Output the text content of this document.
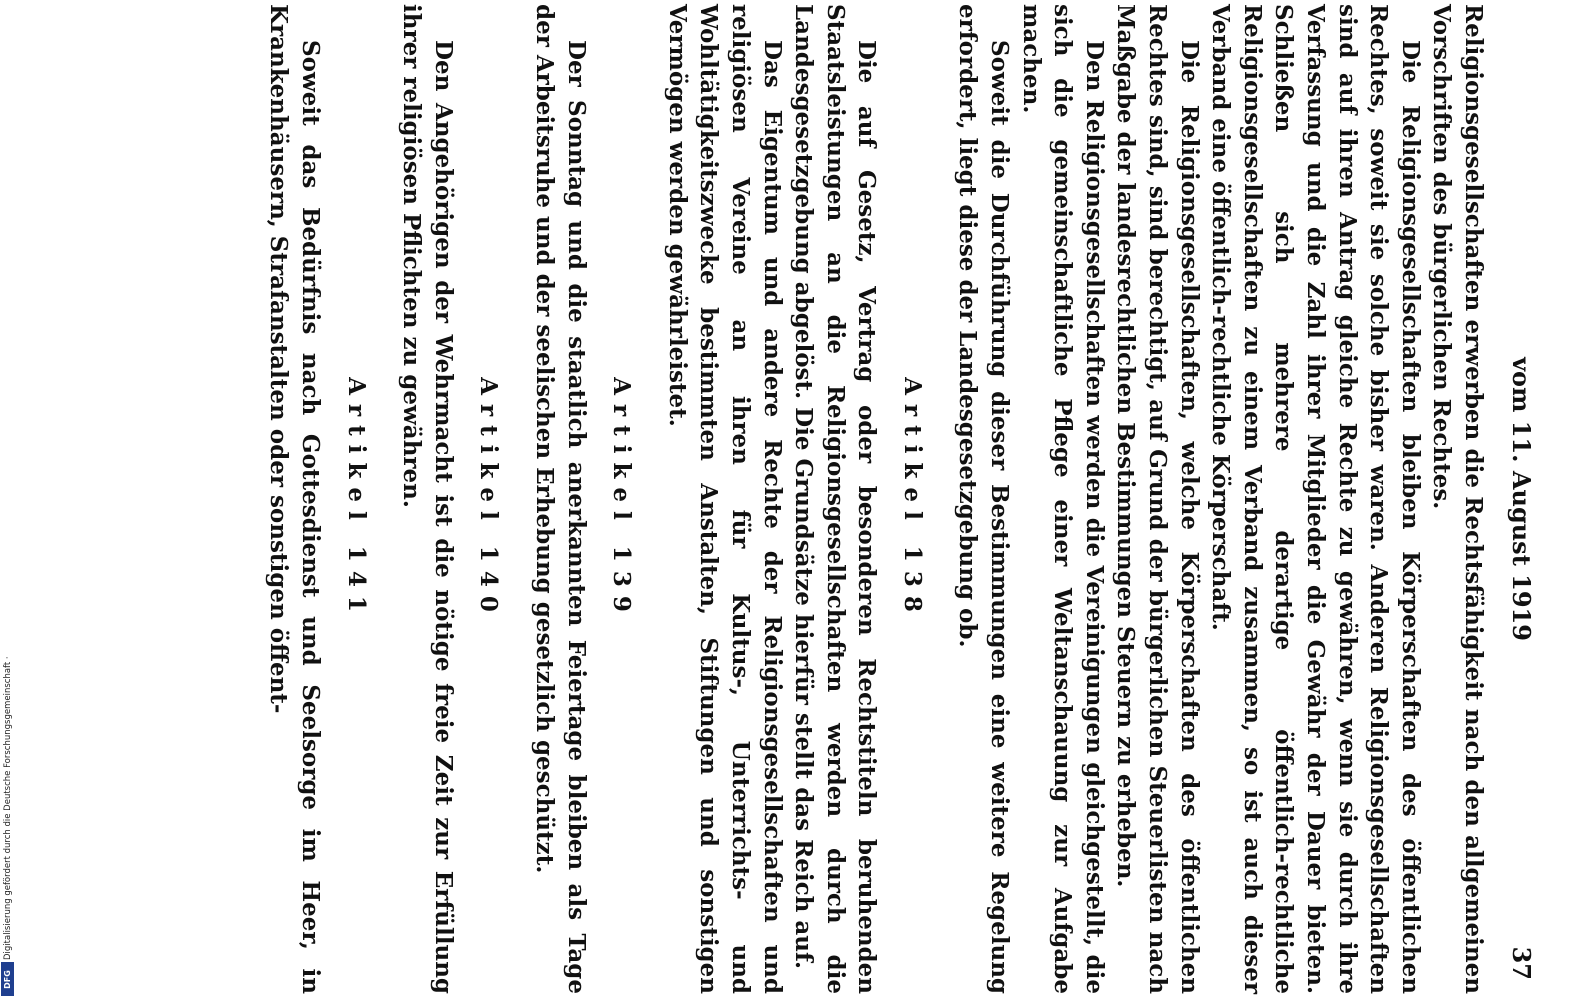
Digitalisierung gefördert durch die Deutsche Forschungsgemeinschaft ·
DFG
vom 11. August 1919
37

Religionsgesellschaften erwerben die Rechtsfähigkeit nach den allgemeinen Vorschriften des bürgerlichen Rechtes.

Die Religionsgesellschaften bleiben Körperschaften des öffentlichen Rechtes, soweit sie solche bisher waren. Anderen Religionsgesellschaften sind auf ihren Antrag gleiche Rechte zu gewähren, wenn sie durch ihre Verfassung und die Zahl ihrer Mitglieder die Gewähr der Dauer bieten. Schließen sich mehrere derartige öffentlich-rechtliche Religionsgesellschaften zu einem Verband zusammen, so ist auch dieser Verband eine öffentlich-rechtliche Körperschaft.

Die Religionsgesellschaften, welche Körperschaften des öffentlichen Rechtes sind, sind berechtigt, auf Grund der bürgerlichen Steuerlisten nach Maßgabe der landesrechtlichen Bestimmungen Steuern zu erheben.

Den Religionsgesellschaften werden die Vereinigungen gleichgestellt, die sich die gemeinschaftliche Pflege einer Weltanschauung zur Aufgabe machen.

Soweit die Durchführung dieser Bestimmungen eine weitere Regelung erfordert, liegt diese der Landesgesetzgebung ob.

Artikel 138

Die auf Gesetz, Vertrag oder besonderen Rechtstiteln beruhenden Staatsleistungen an die Religionsgesellschaften werden durch die Landesgesetzgebung abgelöst. Die Grundsätze hierfür stellt das Reich auf.

Das Eigentum und andere Rechte der Religionsgesellschaften und religiösen Vereine an ihren für Kultus-, Unterrichts- und Wohltätigkeitszwecke bestimmten Anstalten, Stiftungen und sonstigen Vermögen werden gewährleistet.

Artikel 139

Der Sonntag und die staatlich anerkannten Feiertage bleiben als Tage der Arbeitsruhe und der seelischen Erhebung gesetzlich geschützt.

Artikel 140

Den Angehörigen der Wehrmacht ist die nötige freie Zeit zur Erfüllung ihrer religiösen Pflichten zu gewähren.

Artikel 141

Soweit das Bedürfnis nach Gottesdienst und Seelsorge im Heer, in Krankenhäusern, Strafanstalten oder sonstigen öffent-
